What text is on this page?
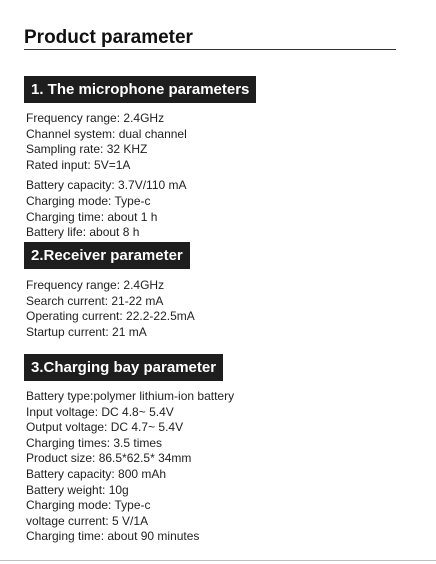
Product parameter
1. The microphone parameters
Frequency range: 2.4GHz
Channel system: dual channel
Sampling rate: 32 KHZ
Rated input: 5V=1A
Battery capacity: 3.7V/110 mA
Charging mode: Type-c
Charging time: about 1 h
Battery life: about 8 h
2.Receiver parameter
Frequency range: 2.4GHz
Search current: 21-22 mA
Operating current: 22.2-22.5mA
Startup current: 21 mA
3.Charging bay parameter
Battery type:polymer lithium-ion battery
Input voltage: DC 4.8~ 5.4V
Output voltage: DC 4.7~ 5.4V
Charging times: 3.5 times
Product size: 86.5*62.5* 34mm
Battery capacity: 800 mAh
Battery weight: 10g
Charging mode: Type-c
voltage current: 5 V/1A
Charging time: about 90 minutes
